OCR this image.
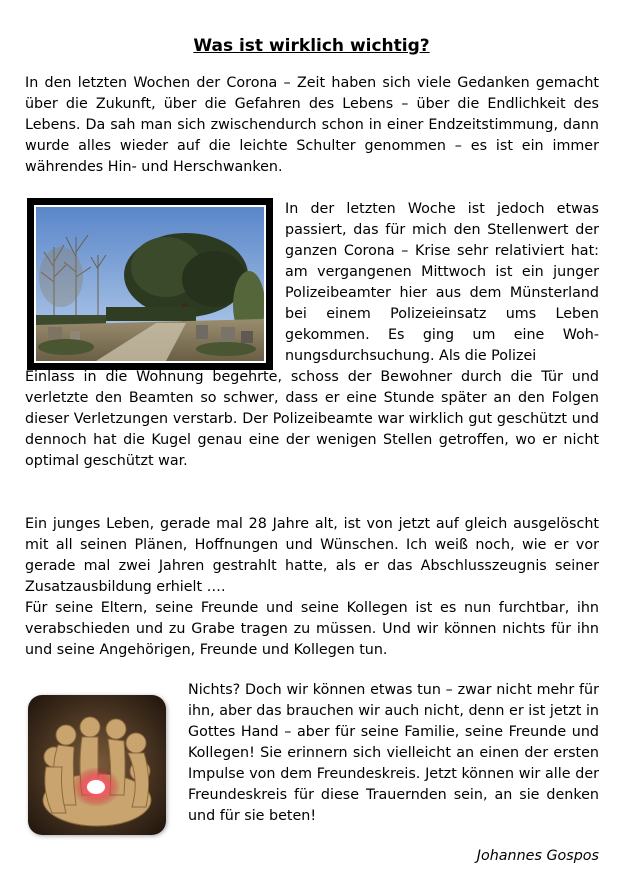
Was ist wirklich wichtig?

In den letzten Wochen der Corona – Zeit haben sich viele Gedanken gemacht über die Zukunft, über die Gefahren des Lebens – über die Endlichkeit des Lebens. Da sah man sich zwischendurch schon in einer Endzeitstimmung, dann wurde alles wieder auf die leichte Schulter genommen – es ist ein immer währendes Hin- und Herschwanken.

In der letzten Woche ist jedoch etwas passiert, das für mich den Stellenwert der ganzen Corona – Krise sehr relativiert hat: am vergangenen Mittwoch ist ein junger Polizeibeamter hier aus dem Münsterland bei einem Polizeieinsatz ums Leben gekommen. Es ging um eine Wohnungsdurchsuchung. Als die Polizei

Einlass in die Wohnung begehrte, schoss der Bewohner durch die Tür und verletzte den Beamten so schwer, dass er eine Stunde später an den Folgen dieser Verletzungen verstarb. Der Polizeibeamte war wirklich gut geschützt und dennoch hat die Kugel genau eine der wenigen Stellen getroffen, wo er nicht optimal geschützt war.

Ein junges Leben, gerade mal 28 Jahre alt, ist von jetzt auf gleich ausgelöscht mit all seinen Plänen, Hoffnungen und Wünschen. Ich weiß noch, wie er vor gerade mal zwei Jahren gestrahlt hatte, als er das Abschlusszeugnis seiner Zusatzausbildung erhielt ….

Für seine Eltern, seine Freunde und seine Kollegen ist es nun furchtbar, ihn verabschieden und zu Grabe tragen zu müssen. Und wir können nichts für ihn und seine Angehörigen, Freunde und Kollegen tun.

Nichts? Doch wir können etwas tun – zwar nicht mehr für ihn, aber das brauchen wir auch nicht, denn er ist jetzt in Gottes Hand – aber für seine Familie, seine Freunde und Kollegen! Sie erinnern sich vielleicht an einen der ersten Impulse von dem Freundeskreis. Jetzt können wir alle der Freundeskreis für diese Trauernden sein, an sie denken und für sie beten!

Johannes Gospos
